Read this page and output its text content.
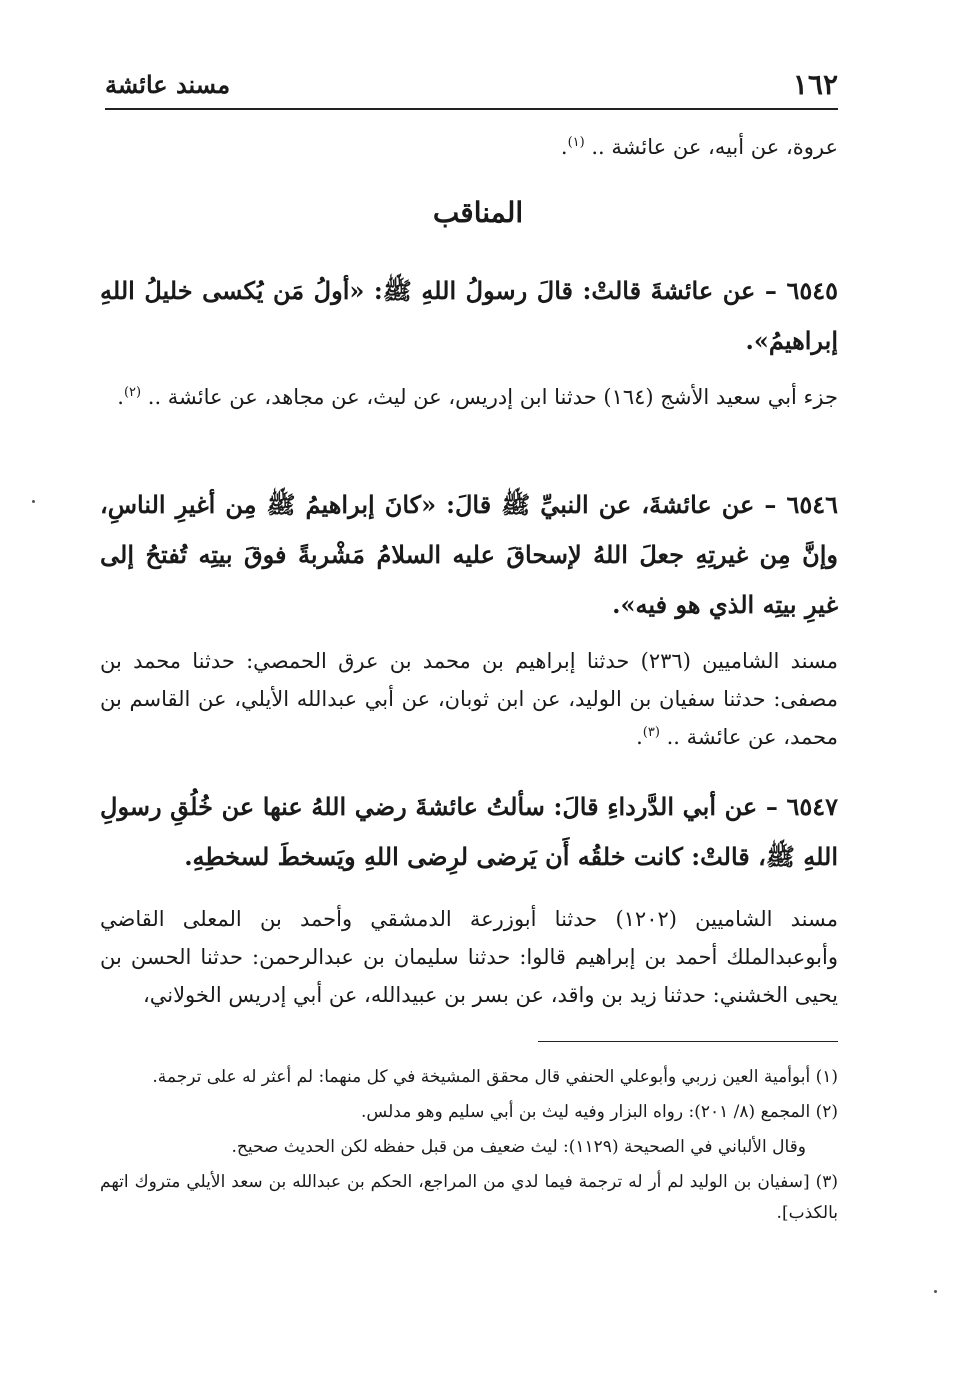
١٦٢
مسند عائشة

عروة، عن أبيه، عن عائشة .. $^{(١)}$.

المناقب

٦٥٤٥ – عن عائشةَ قالتْ: قالَ رسولُ اللهِ ﷺ: «أولُ مَن يُكسى خليلُ اللهِ إبراهيمُ».

جزء أبي سعيد الأشج (١٦٤) حدثنا ابن إدريس، عن ليث، عن مجاهد، عن عائشة .. $^{(٢)}$.

٦٥٤٦ – عن عائشةَ، عن النبيِّ ﷺ قالَ: «كانَ إبراهيمُ ﷺ مِن أغيرِ الناسِ، وإنَّ مِن غيرتِهِ جعلَ اللهُ لإسحاقَ عليه السلامُ مَشْربةً فوقَ بيتِه تُفتحُ إلى غيرِ بيتِه الذي هو فيه».

مسند الشاميين (٢٣٦) حدثنا إبراهيم بن محمد بن عرق الحمصي: حدثنا محمد بن مصفى: حدثنا سفيان بن الوليد، عن ابن ثوبان، عن أبي عبدالله الأيلي، عن القاسم بن محمد، عن عائشة .. $^{(٣)}$.

٦٥٤٧ – عن أبي الدَّرداءِ قالَ: سألتُ عائشةَ رضي اللهُ عنها عن خُلُقِ رسولِ اللهِ ﷺ، قالتْ: كانت خلقُه أَن يَرضى لرِضى اللهِ ويَسخطَ لسخطِهِ.

مسند الشاميين (١٢٠٢) حدثنا أبوزرعة الدمشقي وأحمد بن المعلى القاضي وأبوعبدالملك أحمد بن إبراهيم قالوا: حدثنا سليمان بن عبدالرحمن: حدثنا الحسن بن يحيى الخشني: حدثنا زيد بن واقد، عن بسر بن عبيدالله، عن أبي إدريس الخولاني،

(١) أبوأمية العين زربي وأبوعلي الحنفي قال محقق المشيخة في كل منهما: لم أعثر له على ترجمة.

(٢) المجمع (٨/ ٢٠١): رواه البزار وفيه ليث بن أبي سليم وهو مدلس.

وقال الألباني في الصحيحة (١١٢٩): ليث ضعيف من قبل حفظه لكن الحديث صحيح.

(٣) [سفيان بن الوليد لم أر له ترجمة فيما لدي من المراجع، الحكم بن عبدالله بن سعد الأيلي متروك اتهم بالكذب].
